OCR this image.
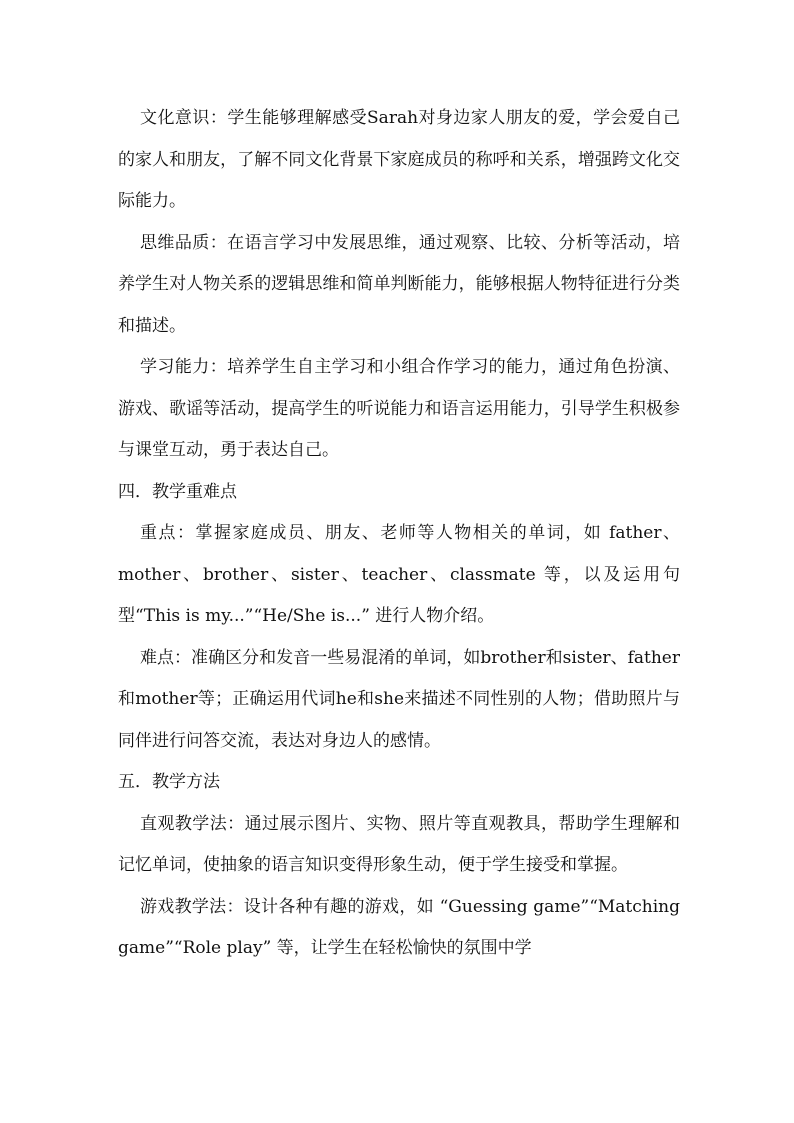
文化意识：学生能够理解感受Sarah对身边家人朋友的爱，学会爱自己的家人和朋友，了解不同文化背景下家庭成员的称呼和关系，增强跨文化交际能力。

思维品质：在语言学习中发展思维，通过观察、比较、分析等活动，培养学生对人物关系的逻辑思维和简单判断能力，能够根据人物特征进行分类和描述。

学习能力：培养学生自主学习和小组合作学习的能力，通过角色扮演、游戏、歌谣等活动，提高学生的听说能力和语言运用能力，引导学生积极参与课堂互动，勇于表达自己。

四．教学重难点

重点：掌握家庭成员、朋友、老师等人物相关的单词，如 father、mother、brother、sister、teacher、classmate 等，以及运用句型“This is my...”“He/She is...” 进行人物介绍。

难点：准确区分和发音一些易混淆的单词，如brother和sister、father和mother等；正确运用代词he和she来描述不同性别的人物；借助照片与同伴进行问答交流，表达对身边人的感情。

五．教学方法

直观教学法：通过展示图片、实物、照片等直观教具，帮助学生理解和记忆单词，使抽象的语言知识变得形象生动，便于学生接受和掌握。

游戏教学法：设计各种有趣的游戏，如 “Guessing game”“Matching game”“Role play” 等，让学生在轻松愉快的氛围中学
